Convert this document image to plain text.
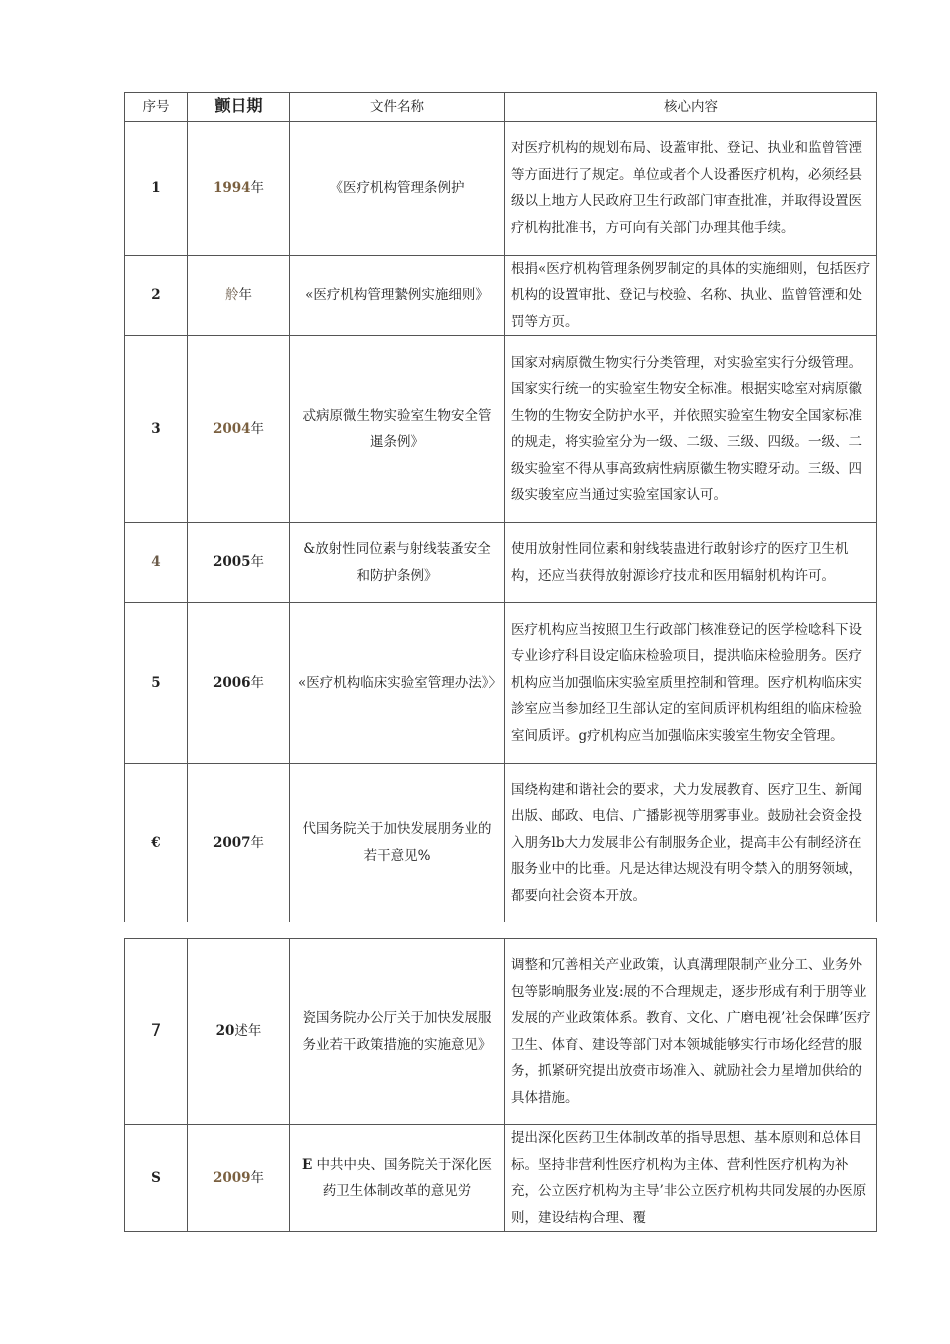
序号	颤日期	文件名称	核心内容
1	1994年	《医疗机构管理条例护	对医疗机构的规划布局、设蓋审批、登记、执业和监曾管湮等方面进行了规定。单位或者个人设番医疗机构，必须经县级以上地方人民政府卫生行政部门审查批准，并取得设置医疗机构批准书，方可向有关部门办理其他手续。
2	舲年	«医疗机构管理縶例实施细则》	根捐«医疗机构管理条例罗制定的具体的实施细则，包括医疗机构的设置审批、登记与校验、名称、执业、监曾管湮和处罚等方页。
3	2004年	忒病原微生物实验室生物安全管暹条例》	国家对病原微生物实行分类管理，对实验室实行分级管理。国家实行统一的实验室生物安全标准。根据实唸室对病原徽生物的生物安全防护水平，并依照实验室生物安全国家标准的规走，将实验室分为一级、二级、三级、四级。一级、二级实验室不得从事高致病性病原徽生物实瞪牙动。三级、四级实骏室应当通过实验室国家认可。
4	2005年	&放射性同位素与射线装蚤安全和防护条例》	使用放射性同位素和射线装蛊进行敢射诊疗的医疗卫生机构，还应当获得放射源诊疗技朮和医用辐射机构许可。
5	2006年	«医疗机构临床实验室管理办法》〉	医疗机构应当按照卫生行政部门核准登记的医学检唸科下设专业诊疗科目设定临床检验项目，提洪临床检验朋务。医疗机构应当加强临床实验室质里控制和管理。医疗机构临床实診室应当参加经卫生部认定的室间质评机构组组的临床检验室间质评。g疗机构应当加强临床实骏室生物安全管理。
€	2007年	代国务院关于加快发展朋务业的若干意见%	国绕构建和谐社会的要求，犬力发展教育、医疗卫生、新闻出版、邮政、电信、广播影视等朋雾事业。鼓励社会资金投入朋务lb大力发展非公有制服务企业，提高丰公有制经济在服务业中的比垂。凡是达律达规没有明令禁入的朋努领域，都要向社会资本开放。
7	20述年	瓷国务院办公厅关于加快发展服务业若干政策措施的实施意见》	调整和冗善相关产业政策，认真溝理限制产业分工、业务外包等影晌服务业岌:展的不合理规走，逐步形成有利于朋等业发展的产业政策体系。教育、文化、广磨电视’社会保曄’医疗卫生、体育、建设等部门对本领城能够实行市场化经营的服务，抓紧研究提出放赍市场准入、就励社会力星增加供给的具体措施。
S	2009年	E 中共中央、国务院关于深化医药卫生体制改革的意见労	提出深化医药卫生体制改革的指导思想、基本原则和总体目标。坚持非营利性医疗机构为主体、营利性医疗机构为补充，公立医疗机构为主导’非公立医疗机构共同发展的办医原则，建设结构合理、覆
